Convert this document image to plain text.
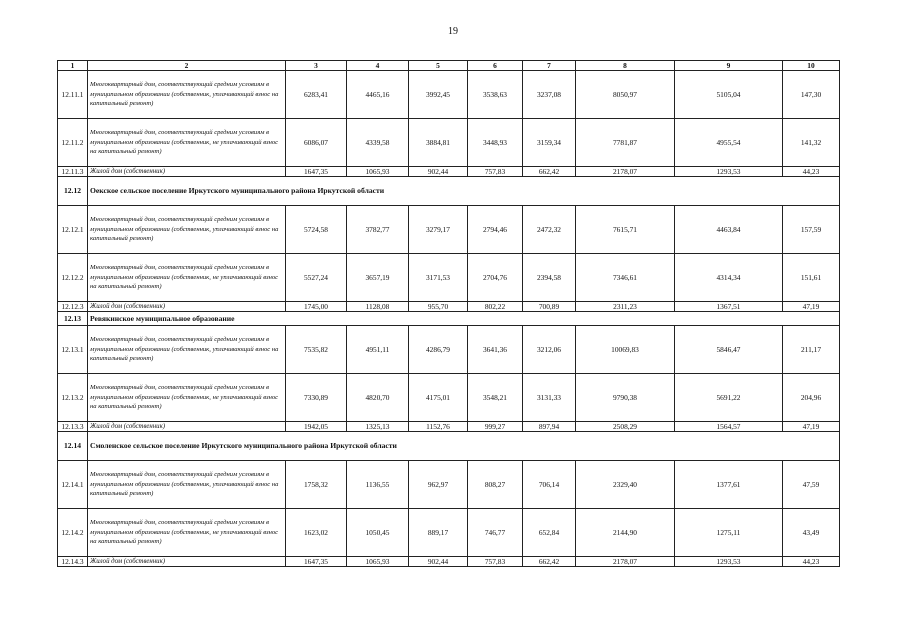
19
1	2	3	4	5	6	7	8	9	10
12.11.1	Многоквартирный дом, соответствующий средним условиям в муниципальном образовании (собственник, уплачивающий взнос на капитальный ремонт)	6283,41	4465,16	3992,45	3538,63	3237,08	8050,97	5105,04	147,30
12.11.2	Многоквартирный дом, соответствующий средним условиям в муниципальном образовании (собственник, не уплачивающий взнос на капитальный ремонт)	6086,07	4339,58	3884,81	3448,93	3159,34	7781,87	4955,54	141,32
12.11.3	Жилой дом (собственник)	1647,35	1065,93	902,44	757,83	662,42	2178,07	1293,53	44,23
12.12	Оекское сельское поселение Иркутского муниципального района Иркутской области								
12.12.1	Многоквартирный дом, соответствующий средним условиям в муниципальном образовании (собственник, уплачивающий взнос на капитальный ремонт)	5724,58	3782,77	3279,17	2794,46	2472,32	7615,71	4463,84	157,59
12.12.2	Многоквартирный дом, соответствующий средним условиям в муниципальном образовании (собственник, не уплачивающий взнос на капитальный ремонт)	5527,24	3657,19	3171,53	2704,76	2394,58	7346,61	4314,34	151,61
12.12.3	Жилой дом (собственник)	1745,00	1128,08	955,70	802,22	700,89	2311,23	1367,51	47,19
12.13	Ревякинское муниципальное образование								
12.13.1	Многоквартирный дом, соответствующий средним условиям в муниципальном образовании (собственник, уплачивающий взнос на капитальный ремонт)	7535,82	4951,11	4286,79	3641,36	3212,06	10069,83	5846,47	211,17
12.13.2	Многоквартирный дом, соответствующий средним условиям в муниципальном образовании (собственник, не уплачивающий взнос на капитальный ремонт)	7330,89	4820,70	4175,01	3548,21	3131,33	9790,38	5691,22	204,96
12.13.3	Жилой дом (собственник)	1942,05	1325,13	1152,76	999,27	897,94	2508,29	1564,57	47,19
12.14	Смоленское сельское поселение Иркутского муниципального района Иркутской области								
12.14.1	Многоквартирный дом, соответствующий средним условиям в муниципальном образовании (собственник, уплачивающий взнос на капитальный ремонт)	1758,32	1136,55	962,97	808,27	706,14	2329,40	1377,61	47,59
12.14.2	Многоквартирный дом, соответствующий средним условиям в муниципальном образовании (собственник, не уплачивающий взнос на капитальный ремонт)	1623,02	1050,45	889,17	746,77	652,84	2144,90	1275,11	43,49
12.14.3	Жилой дом (собственник)	1647,35	1065,93	902,44	757,83	662,42	2178,07	1293,53	44,23
